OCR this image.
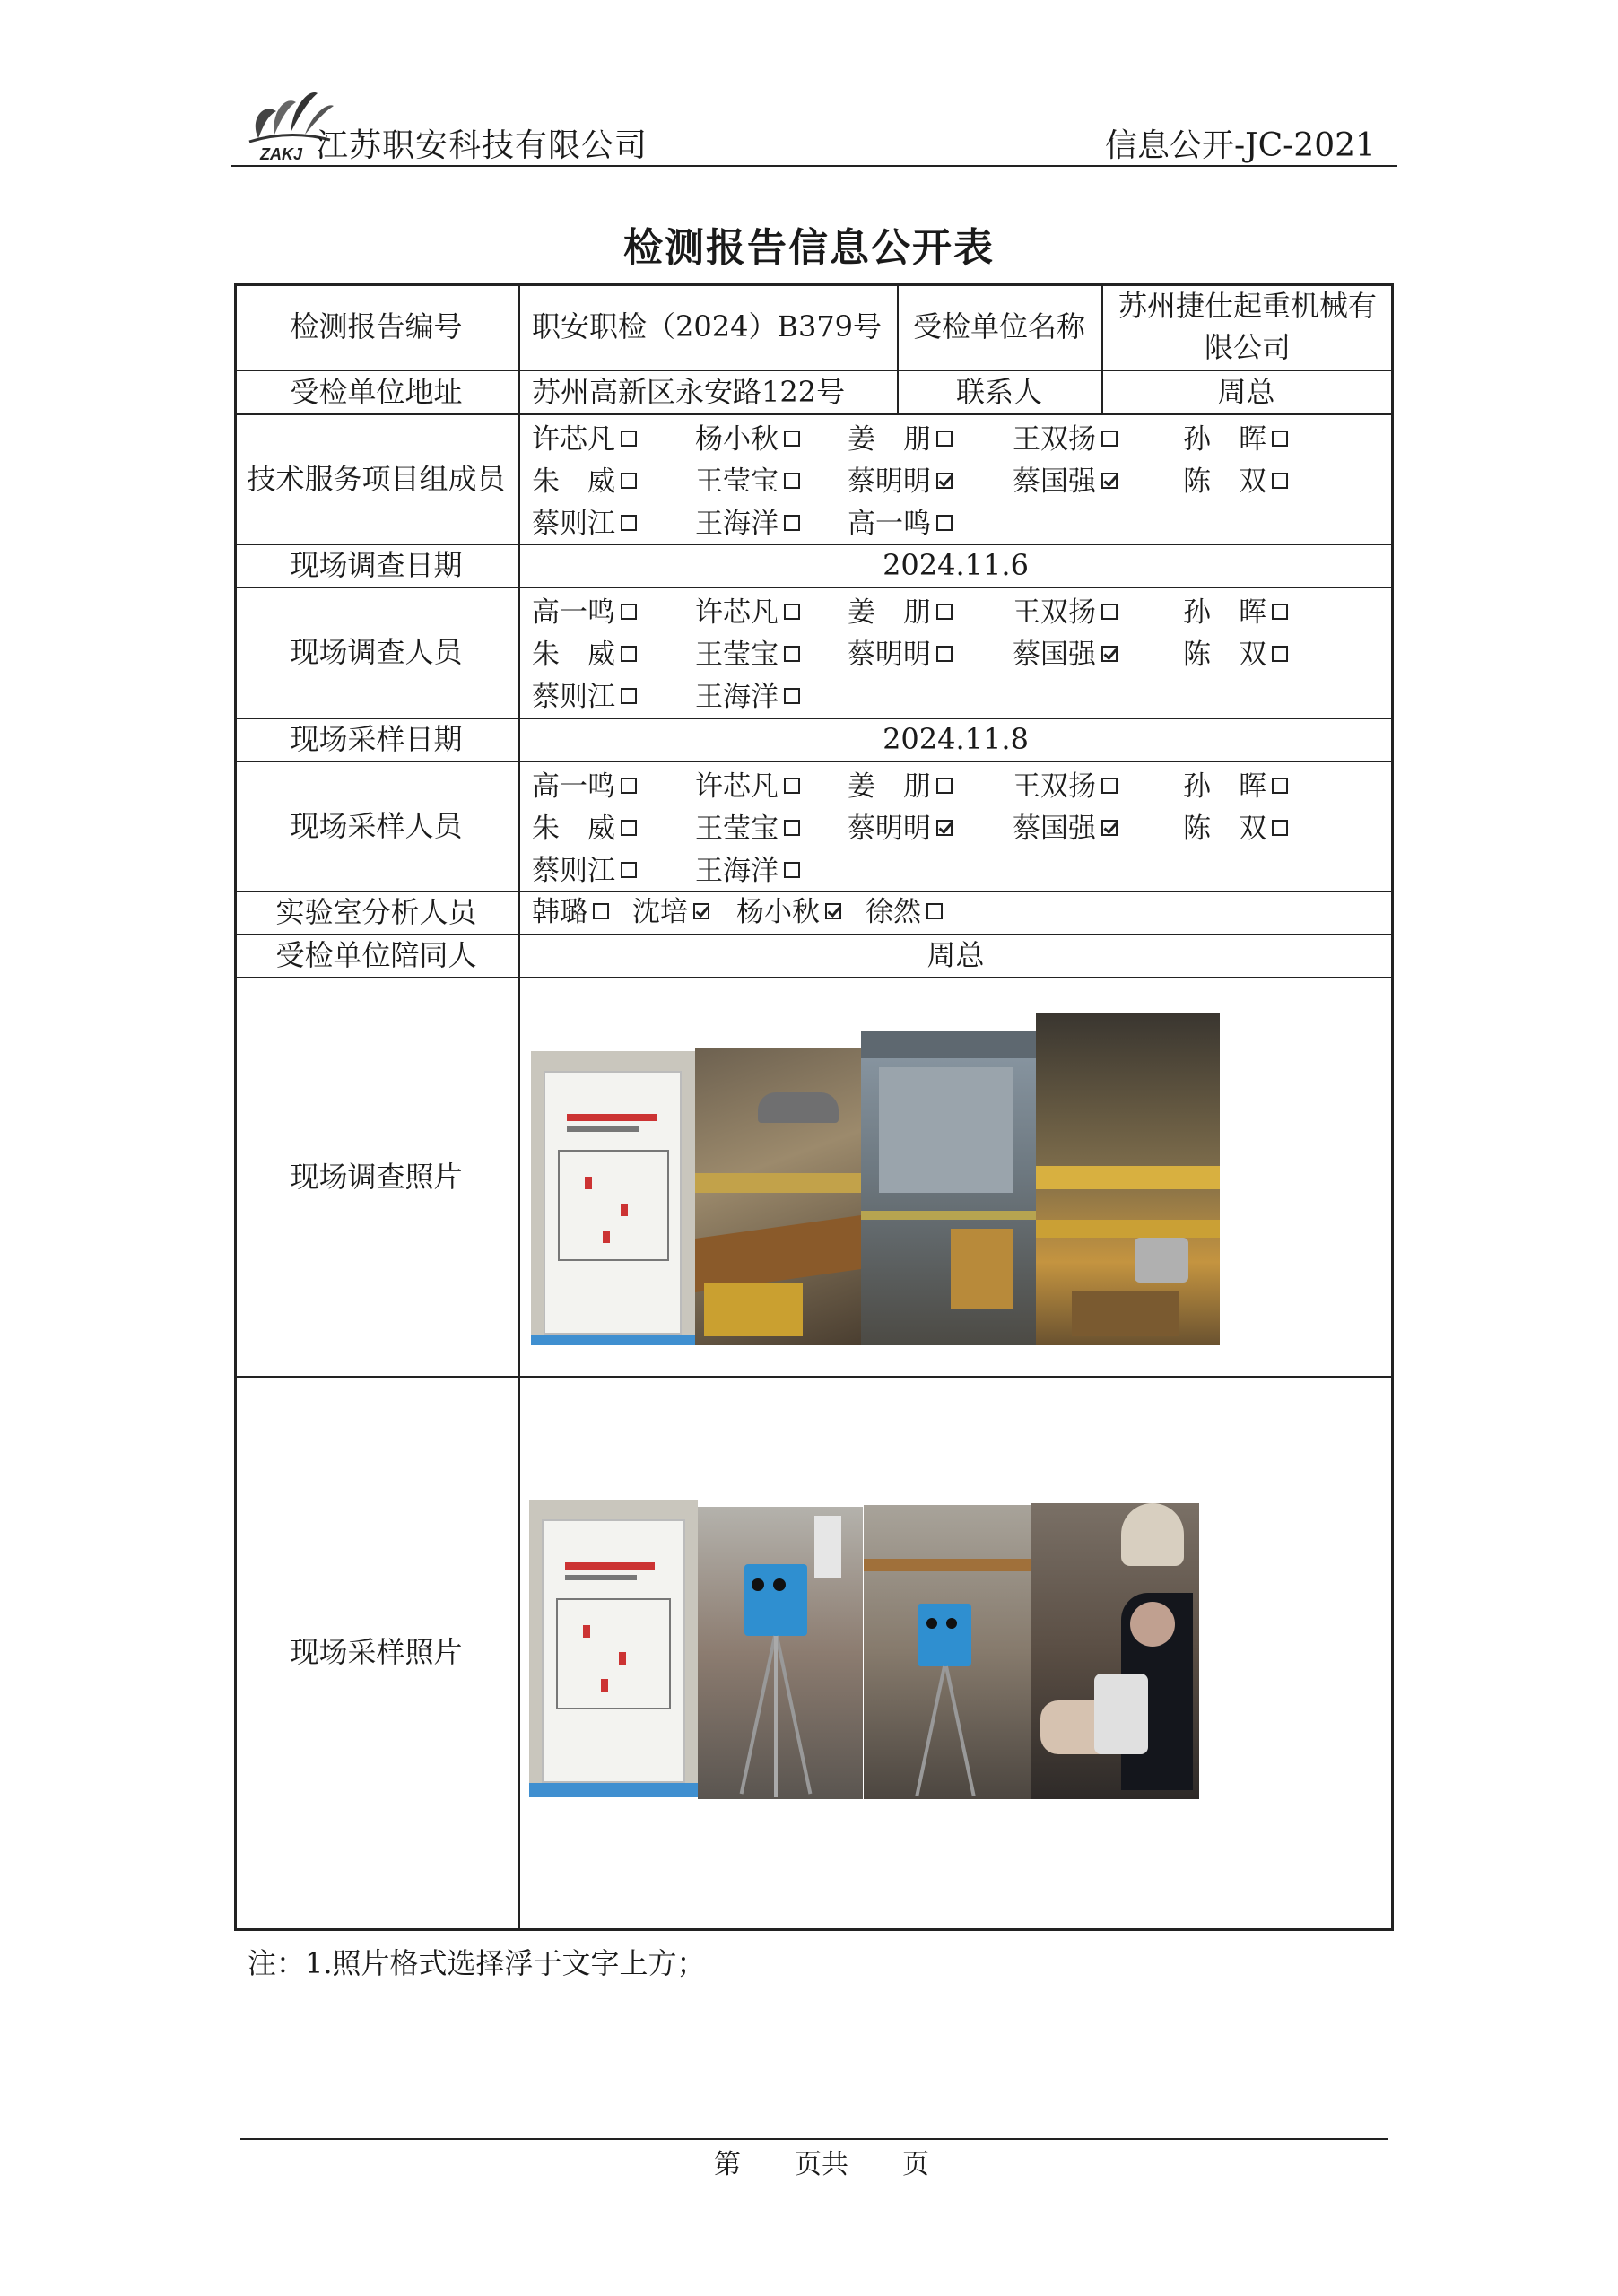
ZAKJ 江苏职安科技有限公司	信息公开-JC-2021
检测报告信息公开表
检测报告编号	职安职检（2024）B379号	受检单位名称
苏州捷仕起重机械有限公司
受检单位地址	苏州高新区永安路122号	联系人	周总
技术服务项目组成员
许芯凡	杨小秋	姜　朋	王双扬	孙　晖
朱　威	王莹宝	蔡明明	蔡国强	陈　双
蔡则江	王海洋	高一鸣
现场调查日期	2024.11.6
现场调查人员
高一鸣	许芯凡	姜　朋	王双扬	孙　晖
朱　威	王莹宝	蔡明明	蔡国强	陈　双
蔡则江	王海洋
现场采样日期	2024.11.8
现场采样人员
高一鸣	许芯凡	姜　朋	王双扬	孙　晖
朱　威	王莹宝	蔡明明	蔡国强	陈　双
蔡则江	王海洋
实验室分析人员	韩璐	沈培	杨小秋	徐然
受检单位陪同人	周总
现场调查照片
现场采样照片
注：1.照片格式选择浮于文字上方；
第　　页共　　页
